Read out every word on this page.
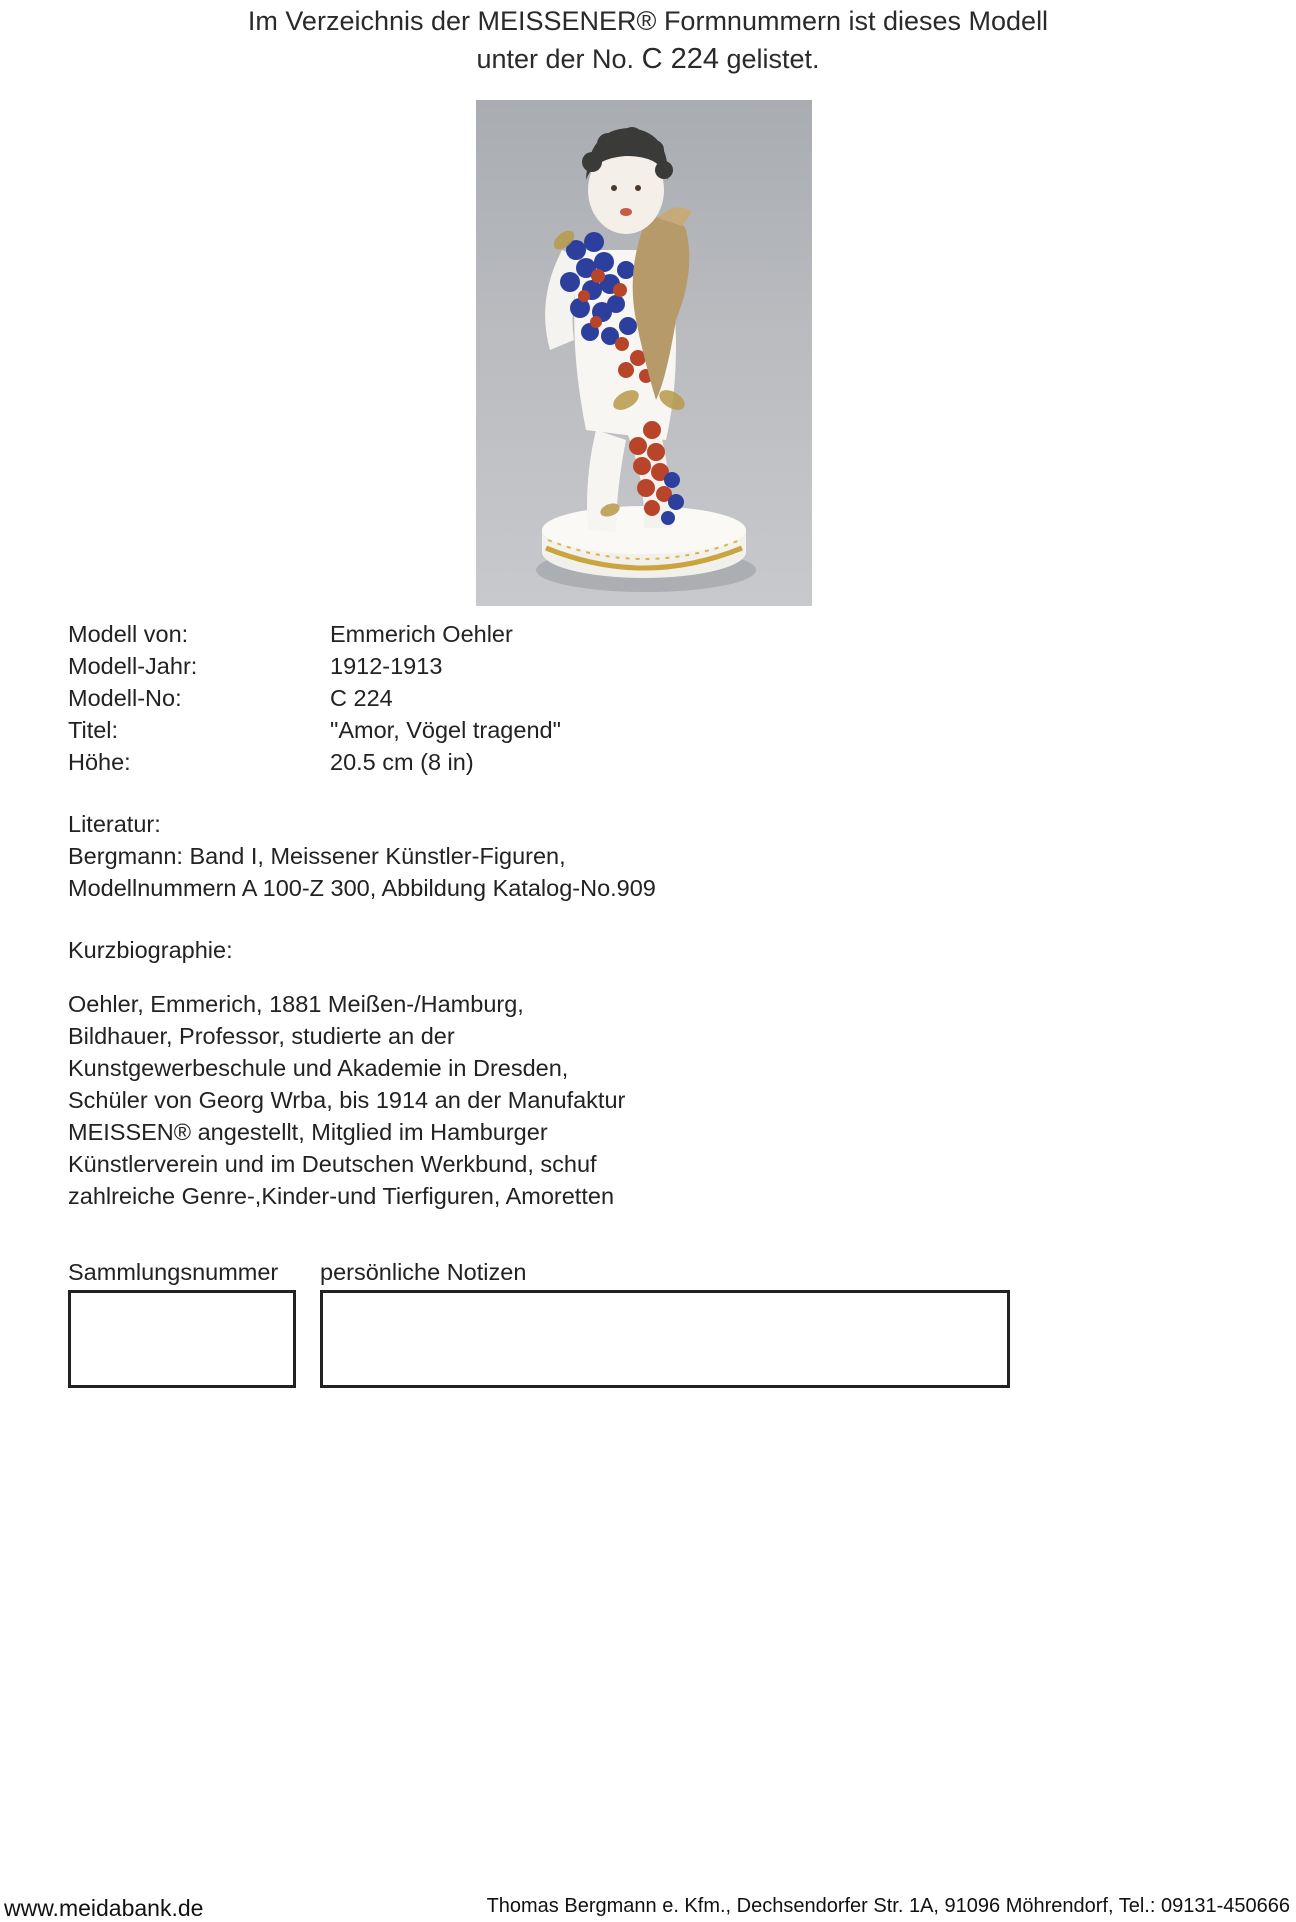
Im Verzeichnis der MEISSENER® Formnummern ist dieses Modell
unter der No. C 224 gelistet.
Modell von:	Emmerich Oehler
Modell-Jahr:	1912-1913
Modell-No:	C 224
Titel:	"Amor, Vögel tragend"
Höhe:	20.5 cm (8 in)
Literatur:
Bergmann: Band I, Meissener Künstler-Figuren,
Modellnummern A 100-Z 300, Abbildung Katalog-No.909
Kurzbiographie:
Oehler, Emmerich, 1881 Meißen-/Hamburg,
Bildhauer, Professor, studierte an der
Kunstgewerbeschule und Akademie in Dresden,
Schüler von Georg Wrba, bis 1914 an der Manufaktur
MEISSEN® angestellt, Mitglied im Hamburger
Künstlerverein und im Deutschen Werkbund, schuf
zahlreiche Genre-,Kinder-und Tierfiguren, Amoretten
Sammlungsnummer persönliche Notizen
www.meidabank.de	Thomas Bergmann e. Kfm., Dechsendorfer Str. 1A, 91096 Möhrendorf, Tel.: 09131-450666
